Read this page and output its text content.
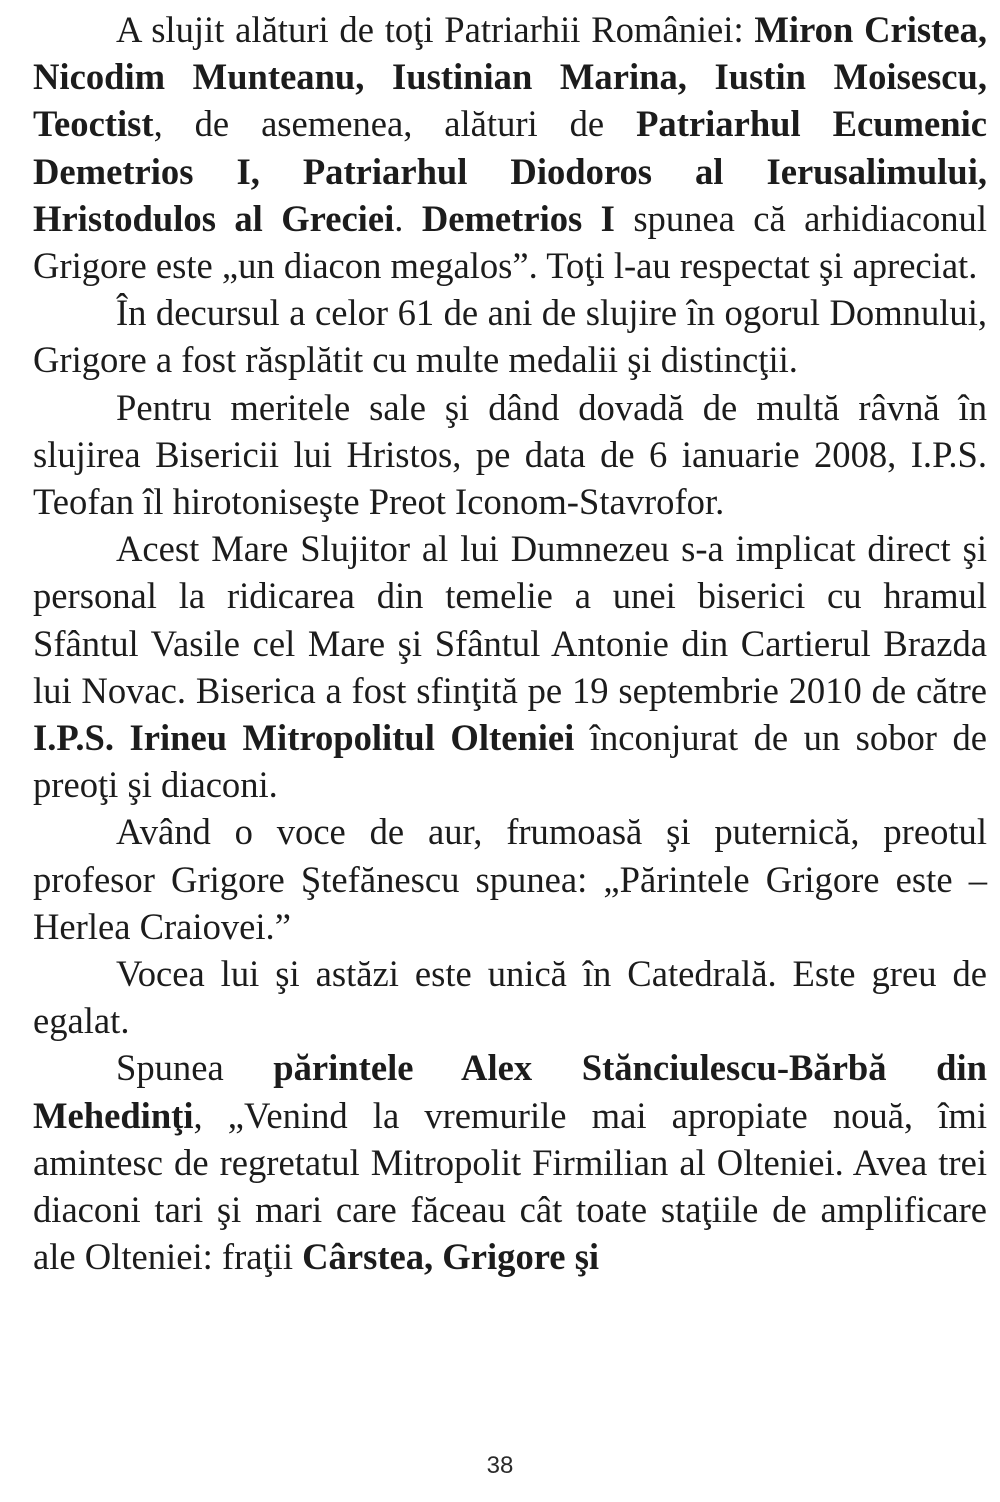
A slujit alături de toţi Patriarhii României: Miron Cristea, Nicodim Munteanu, Iustinian Marina, Iustin Moisescu, Teoctist, de asemenea, alături de Patriarhul Ecumenic Demetrios I, Patriarhul Diodoros al Ierusalimului, Hristodulos al Greciei. Demetrios I spunea că arhidiaconul Grigore este „un diacon megalos”. Toţi l-au respectat şi apreciat.

În decursul a celor 61 de ani de slujire în ogorul Domnului, Grigore a fost răsplătit cu multe medalii şi distincţii.

Pentru meritele sale şi dând dovadă de multă râvnă în slujirea Bisericii lui Hristos, pe data de 6 ianuarie 2008, I.P.S. Teofan îl hirotoniseşte Preot Iconom-Stavrofor.

Acest Mare Slujitor al lui Dumnezeu s-a implicat direct şi personal la ridicarea din temelie a unei biserici cu hramul Sfântul Vasile cel Mare şi Sfântul Antonie din Cartierul Brazda lui Novac. Biserica a fost sfinţită pe 19 septembrie 2010 de către I.P.S. Irineu Mitropolitul Olteniei înconjurat de un sobor de preoţi şi diaconi.

Având o voce de aur, frumoasă şi puternică, preotul profesor Grigore Ştefănescu spunea: „Părintele Grigore este – Herlea Craiovei.”

Vocea lui şi astăzi este unică în Catedrală. Este greu de egalat.

Spunea părintele Alex Stănciulescu-Bărbă din Mehedinţi, „Venind la vremurile mai apropiate nouă, îmi amintesc de regretatul Mitropolit Firmilian al Olteniei. Avea trei diaconi tari şi mari care făceau cât toate staţiile de amplificare ale Olteniei: fraţii Cârstea, Grigore şi

38
